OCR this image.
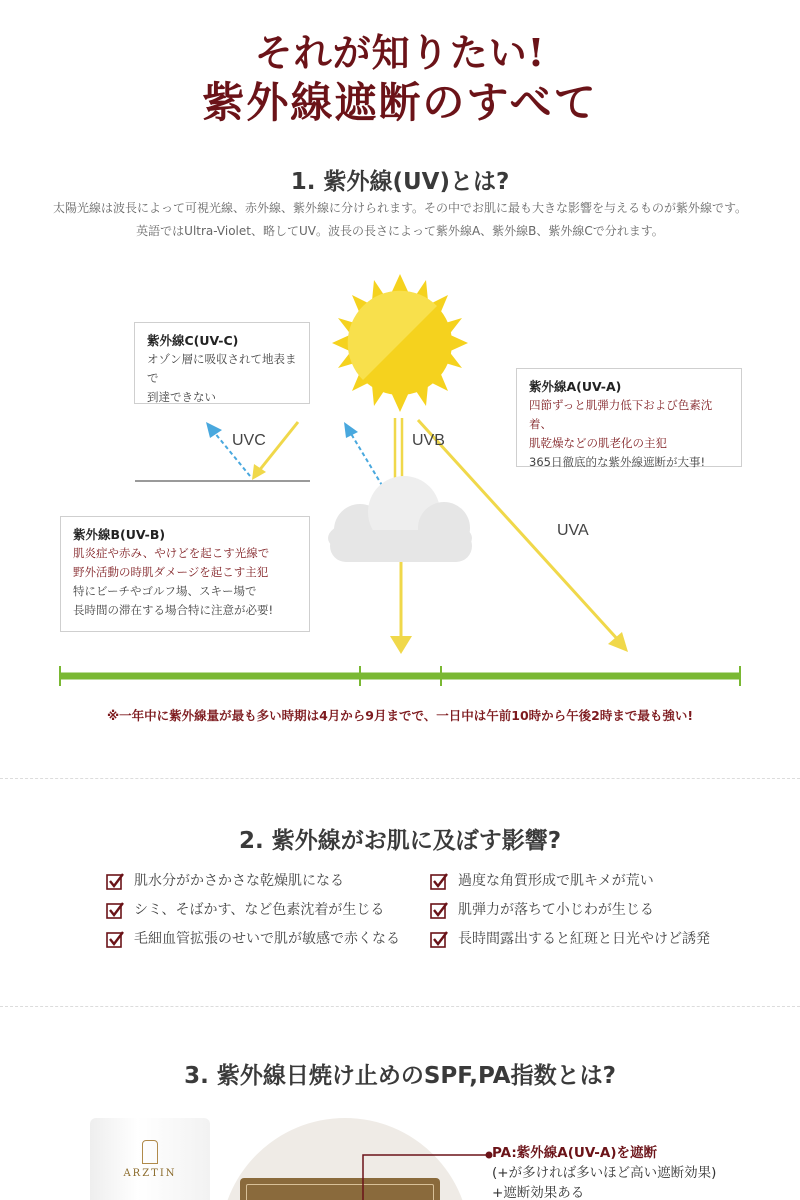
それが知りたい!
紫外線遮断のすべて
1. 紫外線(UV)とは?
太陽光線は波長によって可視光線、赤外線、紫外線に分けられます。その中でお肌に最も大きな影響を与えるものが紫外線です。
英語ではUltra-Violet、略してUV。波長の長さによって紫外線A、紫外線B、紫外線Cで分れます。
UVC	UVB
UVA
紫外線C(UV-C)
オゾン層に吸収されて地表まで
到達できない
紫外線A(UV-A)
四節ずっと肌弾力低下および色素沈着、
肌乾燥などの肌老化の主犯
365日徹底的な紫外線遮断が大事!
紫外線B(UV-B)
肌炎症や赤み、やけどを起こす光線で
野外活動の時肌ダメージを起こす主犯
特にビーチやゴルフ場、スキー場で
長時間の滞在する場合特に注意が必要!
※一年中に紫外線量が最も多い時期は4月から9月までで、一日中は午前10時から午後2時まで最も強い!
2. 紫外線がお肌に及ぼす影響?
肌水分がかさかさな乾燥肌になる
シミ、そばかす、など色素沈着が生じる
毛細血管拡張のせいで肌が敏感で赤くなる
過度な角質形成で肌キメが荒い
肌弾力が落ちて小じわが生じる
長時間露出すると紅斑と日光やけど誘発
3. 紫外線日焼け止めのSPF,PA指数とは?
ARZTIN
PA:紫外線A(UV-A)を遮断
(+が多ければ多いほど高い遮断効果)
+遮断効果ある
